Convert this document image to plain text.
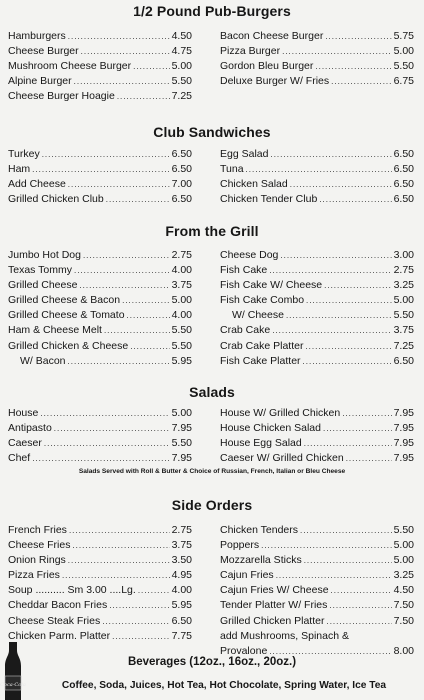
1/2 Pound Pub-Burgers
Hamburgers .....	4.50
Cheese Burger .....	4.75
Mushroom Cheese Burger .....	5.00
Alpine Burger .....	5.50
Cheese Burger Hoagie .....	7.25
Bacon Cheese Burger .....	5.75
Pizza Burger .....	5.00
Gordon Bleu Burger .....	5.50
Deluxe Burger W/ Fries .....	6.75
Club Sandwiches
Turkey .....	6.50
Ham .....	6.50
Add Cheese .....	7.00
Grilled Chicken Club .....	6.50
Egg Salad .....	6.50
Tuna .....	6.50
Chicken Salad .....	6.50
Chicken Tender Club .....	6.50
From the Grill
Jumbo Hot Dog .....	2.75
Texas Tommy .....	4.00
Grilled Cheese .....	3.75
Grilled Cheese & Bacon .....	5.00
Grilled Cheese & Tomato .....	4.00
Ham & Cheese Melt .....	5.50
Grilled Chicken & Cheese .....	5.50
W/ Bacon .....	5.95
Cheese Dog .....	3.00
Fish Cake .....	2.75
Fish Cake W/ Cheese .....	3.25
Fish Cake Combo .....	5.00
W/ Cheese .....	5.50
Crab Cake .....	3.75
Crab Cake Platter .....	7.25
Fish Cake Platter .....	6.50
Salads
House .....	5.00
Antipasto .....	7.95
Caeser .....	5.50
Chef .....	7.95
House W/ Grilled Chicken .....	7.95
House Chicken Salad .....	7.95
House Egg Salad .....	7.95
Caeser W/ Grilled Chicken .....	7.95
Salads Served with Roll & Butter & Choice of Russian, French, Italian or Bleu Cheese
Side Orders
French Fries .....	2.75
Cheese Fries .....	3.75
Onion Rings .....	3.50
Pizza Fries .....	4.95
Soup .......... Sm 3.00 ....Lg. .....	4.00
Cheddar Bacon Fries .....	5.95
Cheese Steak Fries .....	6.50
Chicken Parm. Platter .....	7.75
Chicken Tenders .....	5.50
Poppers .....	5.00
Mozzarella Sticks .....	5.00
Cajun Fries .....	3.25
Cajun Fries W/ Cheese .....	4.50
Tender Platter W/ Fries .....	7.50
Grilled Chicken Platter .....	7.50
add Mushrooms, Spinach &
Provalone .....	8.00
Beverages (12oz., 16oz., 20oz.)
Coffee, Soda, Juices, Hot Tea, Hot Chocolate, Spring Water, Ice Tea
Coca-Cola
